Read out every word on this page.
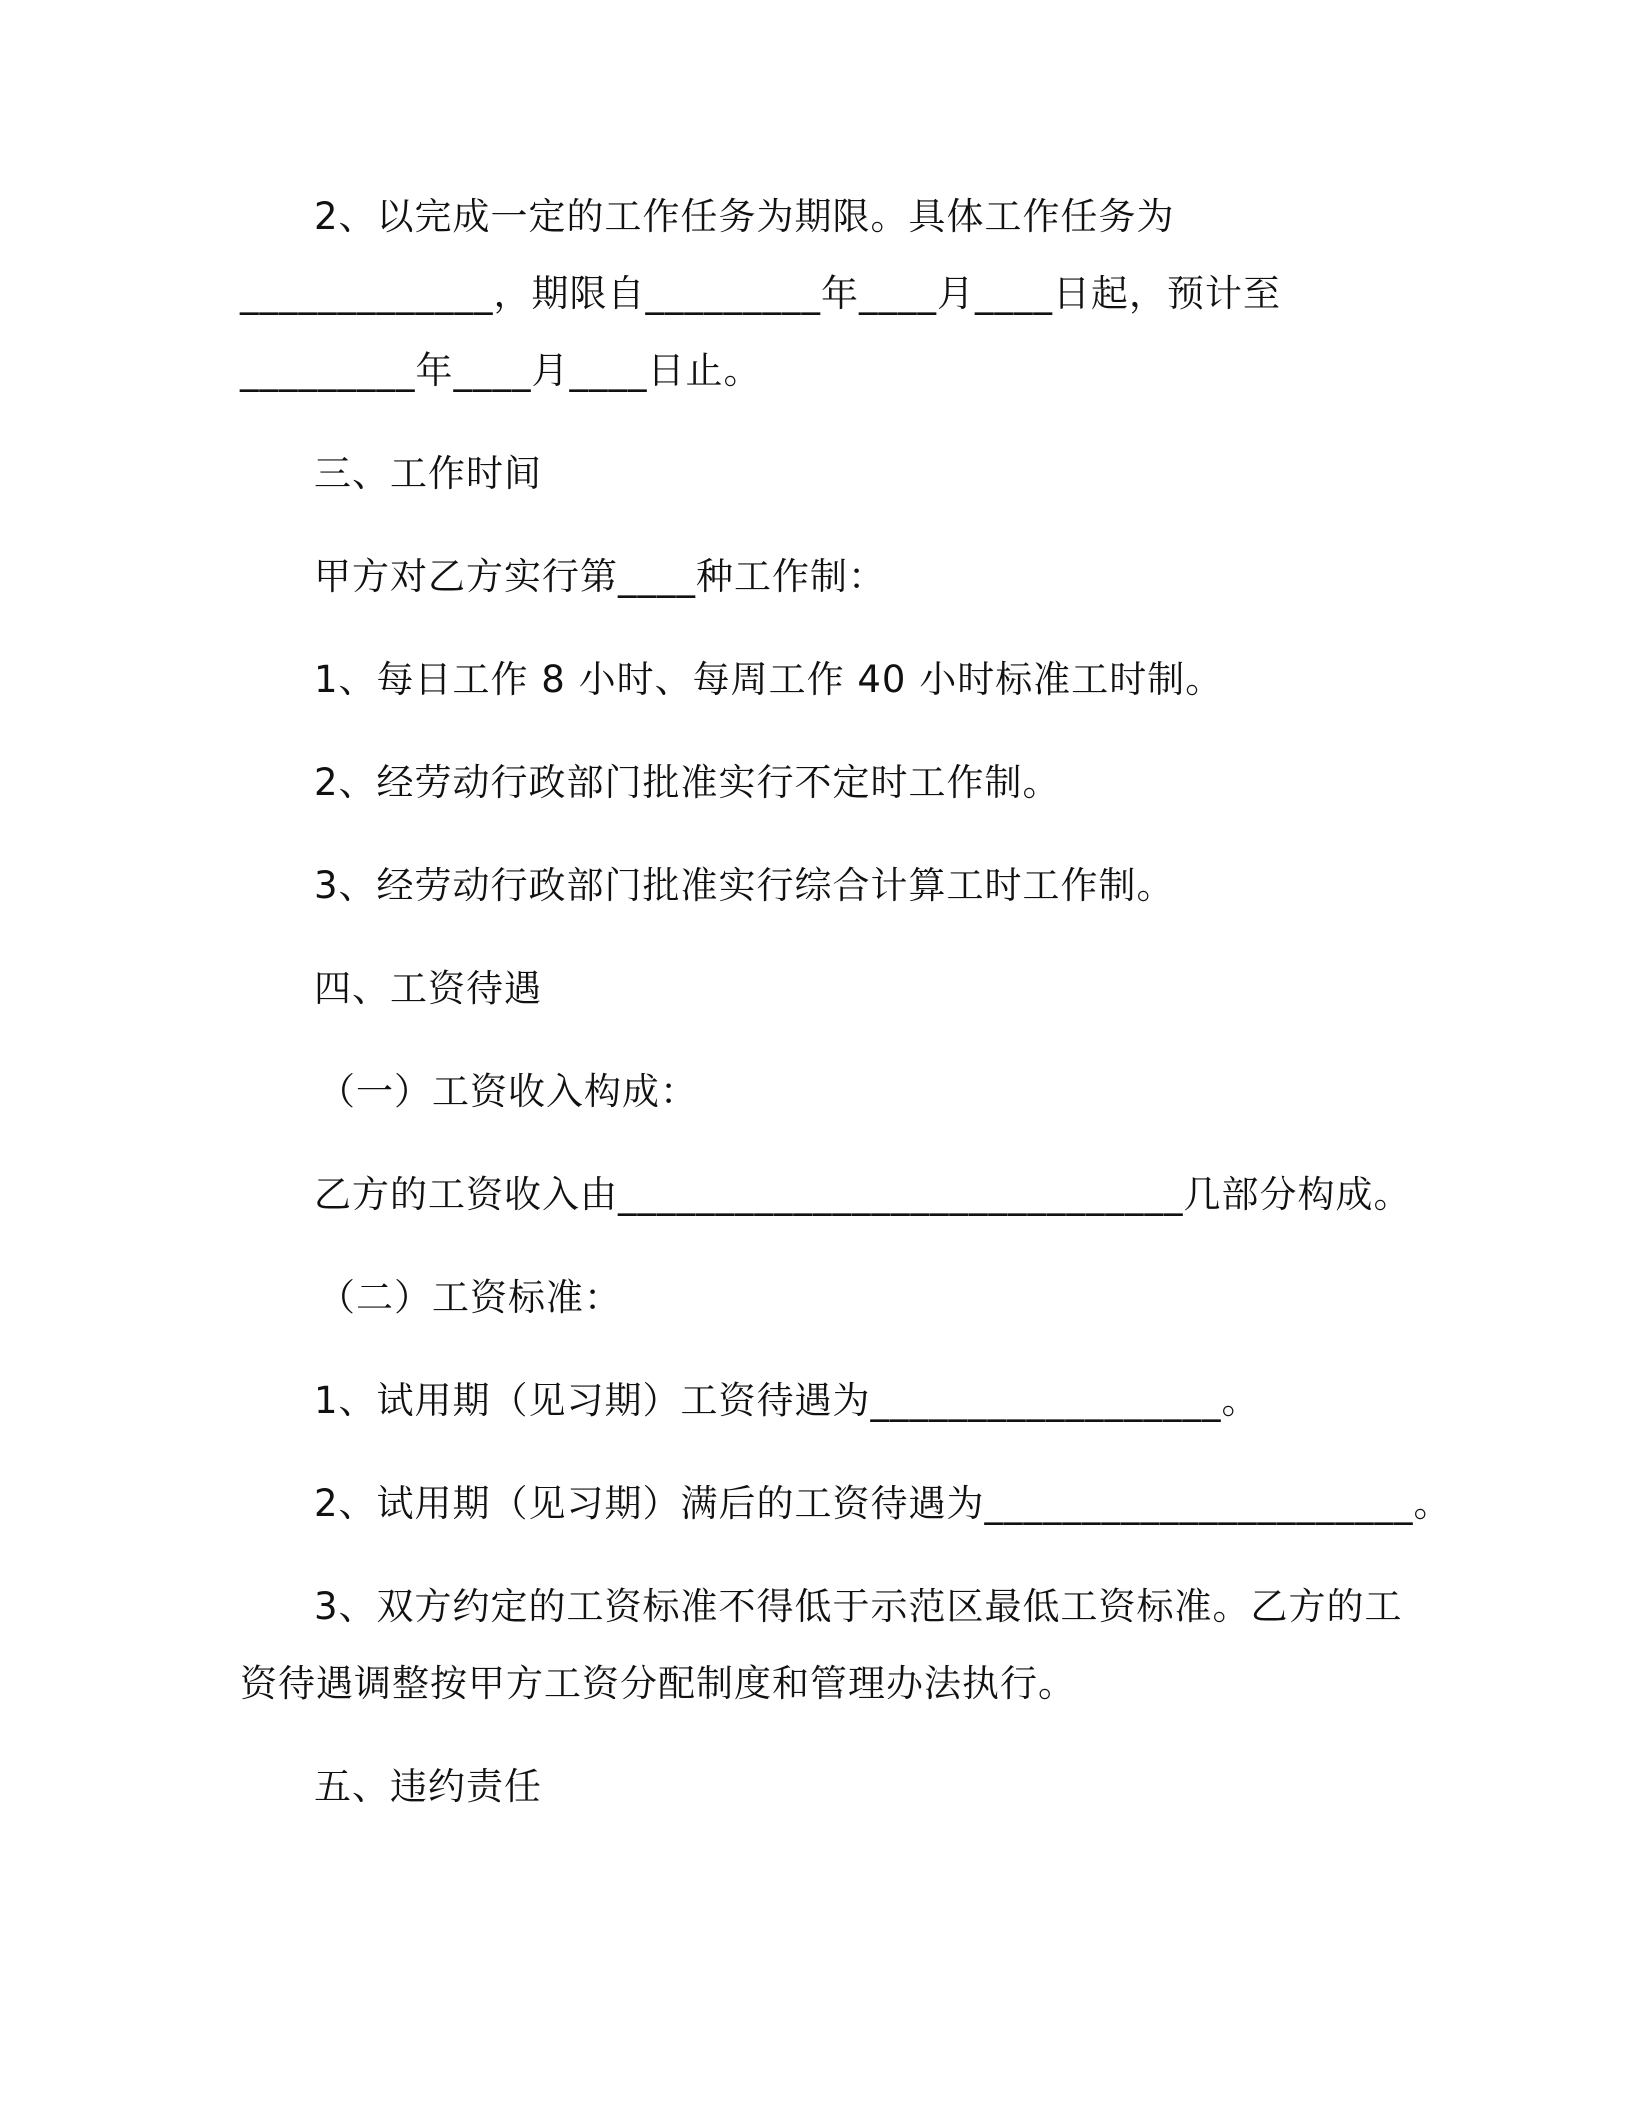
2、以完成一定的工作任务为期限。具体工作任务为
_____________，期限自_________年____月____日起，预计至
_________年____月____日止。
三、工作时间
甲方对乙方实行第____种工作制：
1、每日工作 8 小时、每周工作 40 小时标准工时制。
2、经劳动行政部门批准实行不定时工作制。
3、经劳动行政部门批准实行综合计算工时工作制。
四、工资待遇
（一）工资收入构成：
乙方的工资收入由_____________________________几部分构成。
（二）工资标准：
1、试用期（见习期）工资待遇为__________________。
2、试用期（见习期）满后的工资待遇为______________________。
3、双方约定的工资标准不得低于示范区最低工资标准。乙方的工
资待遇调整按甲方工资分配制度和管理办法执行。
五、违约责任
